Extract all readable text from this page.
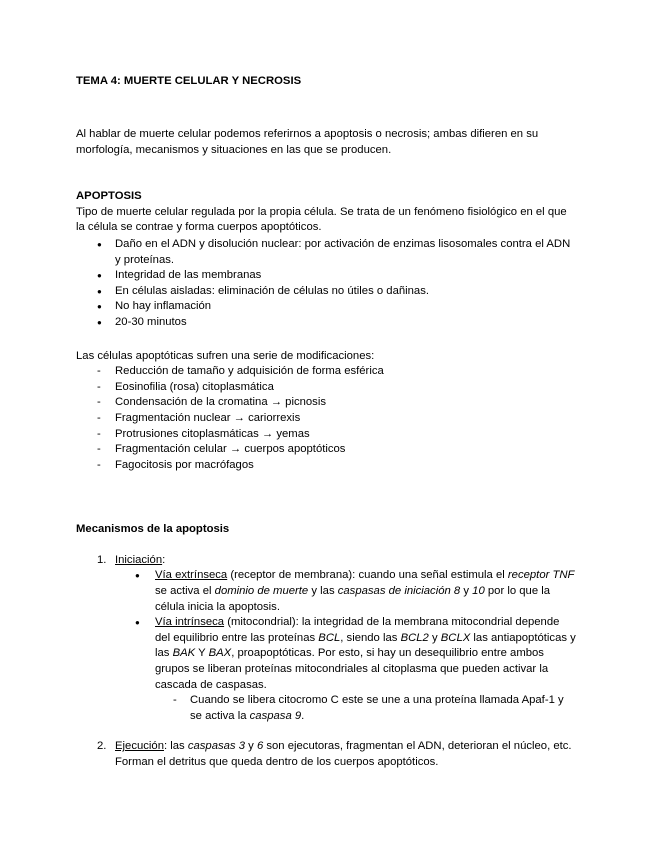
TEMA 4: MUERTE CELULAR Y NECROSIS

Al hablar de muerte celular podemos referirnos a apoptosis o necrosis; ambas difieren en su morfología, mecanismos y situaciones en las que se producen.

APOPTOSIS

Tipo de muerte celular regulada por la propia célula. Se trata de un fenómeno fisiológico en el que la célula se contrae y forma cuerpos apoptóticos.

● Daño en el ADN y disolución nuclear: por activación de enzimas lisosomales contra el ADN y proteínas.
● Integridad de las membranas
● En células aisladas: eliminación de células no útiles o dañinas.
● No hay inflamación
● 20-30 minutos

Las células apoptóticas sufren una serie de modificaciones:

- Reducción de tamaño y adquisición de forma esférica
- Eosinofilia (rosa) citoplasmática
- Condensación de la cromatina → picnosis
- Fragmentación nuclear → cariorrexis
- Protrusiones citoplasmáticas → yemas
- Fragmentación celular → cuerpos apoptóticos
- Fagocitosis por macrófagos

Mecanismos de la apoptosis

1. Iniciación:
● Vía extrínseca (receptor de membrana): cuando una señal estimula el receptor TNF se activa el dominio de muerte y las caspasas de iniciación 8 y 10 por lo que la célula inicia la apoptosis.
● Vía intrínseca (mitocondrial): la integridad de la membrana mitocondrial depende del equilibrio entre las proteínas BCL, siendo las BCL2 y BCLX las antiapoptóticas y las BAK Y BAX, proapoptóticas. Por esto, si hay un desequilibrio entre ambos grupos se liberan proteínas mitocondriales al citoplasma que pueden activar la cascada de caspasas.
- Cuando se libera citocromo C este se une a una proteína llamada Apaf-1 y se activa la caspasa 9.
2. Ejecución: las caspasas 3 y 6 son ejecutoras, fragmentan el ADN, deterioran el núcleo, etc. Forman el detritus que queda dentro de los cuerpos apoptóticos.
